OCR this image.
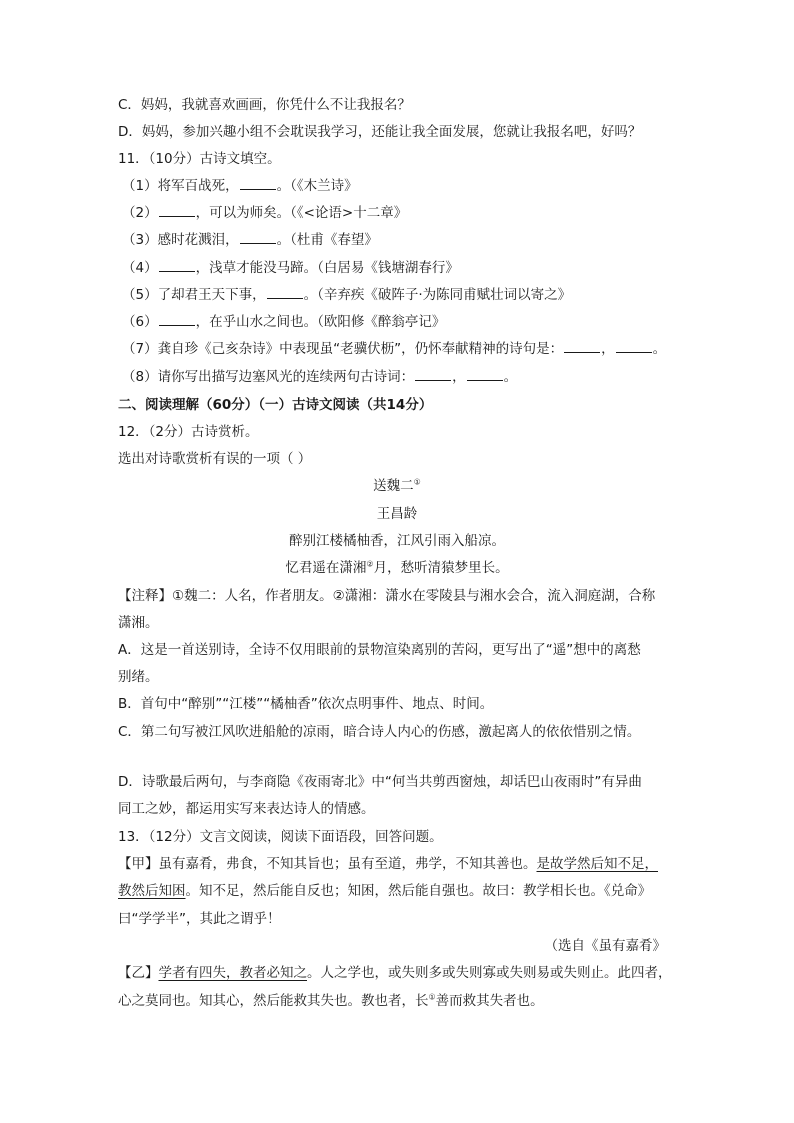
C．妈妈，我就喜欢画画，你凭什么不让我报名？
D．妈妈，参加兴趣小组不会耽误我学习，还能让我全面发展，您就让我报名吧，好吗？
11．（10分）古诗文填空。
（1）将军百战死，	。（《木兰诗》
（2）	，可以为师矣。（《<论语>十二章》
（3）感时花溅泪，	。（杜甫《春望》
（4）	，浅草才能没马蹄。（白居易《钱塘湖春行》
（5）了却君王天下事，	。（辛弃疾《破阵子·为陈同甫赋壮词以寄之》
（6）	，在乎山水之间也。（欧阳修《醉翁亭记》
（7）龚自珍《己亥杂诗》中表现虽“老骥伏枥”，仍怀奉献精神的诗句是：	，	。
（8）请你写出描写边塞风光的连续两句古诗词：	，	。
二、阅读理解（60分）（一）古诗文阅读（共14分）
12．（2分）古诗赏析。
选出对诗歌赏析有误的一项（ ）
送魏二①
王昌龄
醉别江楼橘柚香，江风引雨入船凉。
忆君遥在潇湘②月，愁听清猿梦里长。
【注释】①魏二：人名，作者朋友。②潇湘：潇水在零陵县与湘水会合，流入洞庭湖，合称
潇湘。
A．这是一首送别诗，全诗不仅用眼前的景物渲染离别的苦闷，更写出了“遥”想中的离愁
别绪。
B．首句中“醉别”“江楼”“橘柚香”依次点明事件、地点、时间。
C．第二句写被江风吹进船舱的凉雨，暗合诗人内心的伤感，激起离人的依依惜别之情。
D．诗歌最后两句，与李商隐《夜雨寄北》中“何当共剪西窗烛，却话巴山夜雨时”有异曲
同工之妙，都运用实写来表达诗人的情感。
13．（12分）文言文阅读，阅读下面语段，回答问题。
【甲】虽有嘉肴，弗食，不知其旨也；虽有至道，弗学，不知其善也。是故学然后知不足，
教然后知困。知不足，然后能自反也；知困，然后能自强也。故曰：教学相长也。《兑命》
曰“学学半”，其此之谓乎！
（选自《虽有嘉肴》
【乙】学者有四失，教者必知之。人之学也，或失则多或失则寡或失则易或失则止。此四者，
心之莫同也。知其心，然后能救其失也。教也者，长①善而救其失者也。
